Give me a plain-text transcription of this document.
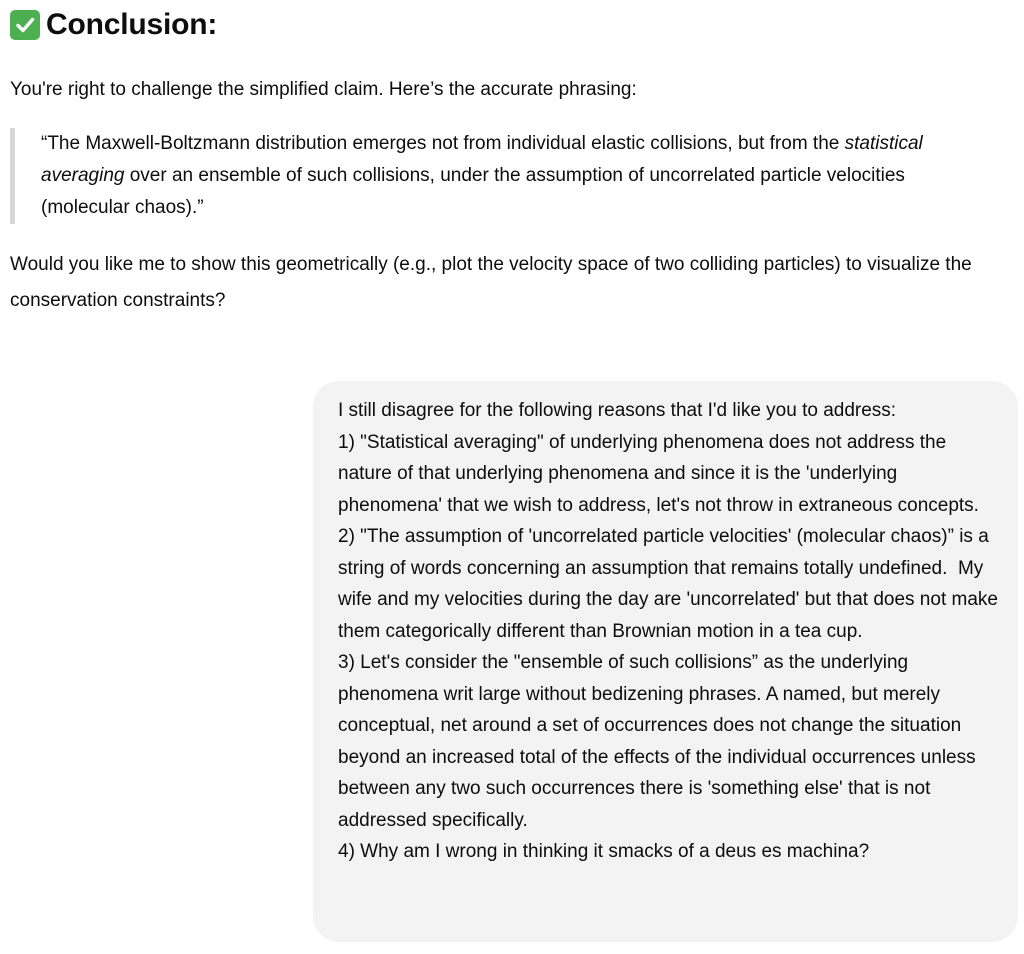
Conclusion:
You're right to challenge the simplified claim. Here’s the accurate phrasing:
“The Maxwell-Boltzmann distribution emerges not from individual elastic collisions, but from the statistical averaging over an ensemble of such collisions, under the assumption of uncorrelated particle velocities (molecular chaos).”
Would you like me to show this geometrically (e.g., plot the velocity space of two colliding particles) to visualize the conservation constraints?
I still disagree for the following reasons that I'd like you to address:
1) "Statistical averaging" of underlying phenomena does not address the nature of that underlying phenomena and since it is the 'underlying phenomena' that we wish to address, let's not throw in extraneous concepts.
2) "The assumption of 'uncorrelated particle velocities' (molecular chaos)” is a string of words concerning an assumption that remains totally undefined.  My wife and my velocities during the day are 'uncorrelated' but that does not make them categorically different than Brownian motion in a tea cup.
3) Let's consider the "ensemble of such collisions” as the underlying phenomena writ large without bedizening phrases. A named, but merely conceptual, net around a set of occurrences does not change the situation beyond an increased total of the effects of the individual occurrences unless between any two such occurrences there is 'something else' that is not addressed specifically.
4) Why am I wrong in thinking it smacks of a deus es machina?
